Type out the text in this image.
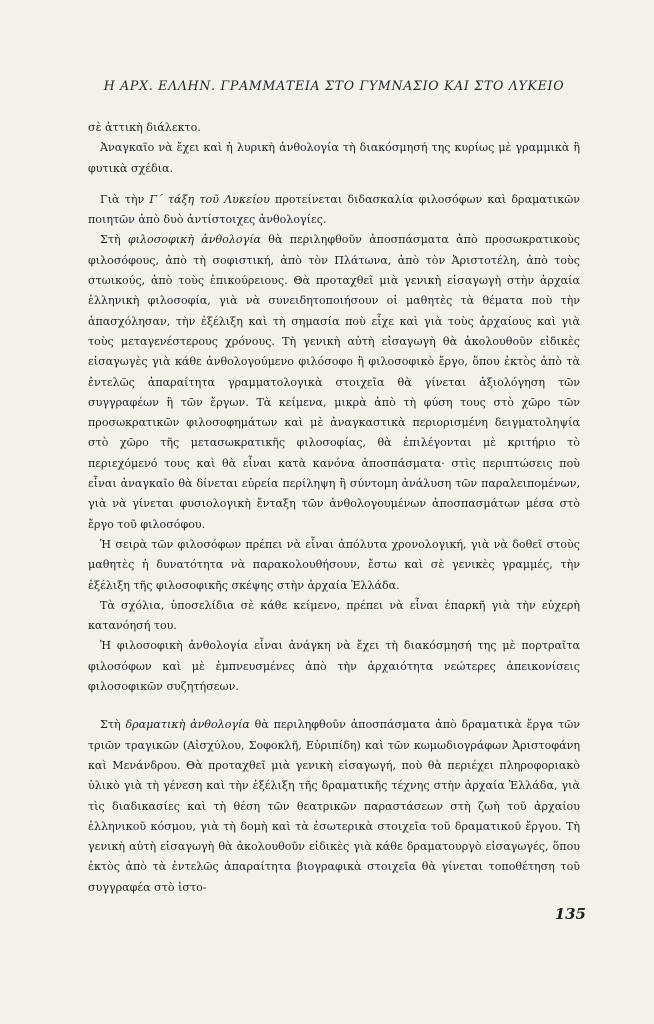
Η ΑΡΧ. ΕΛΛΗΝ. ΓΡΑΜΜΑΤΕΙΑ ΣΤΟ ΓΥΜΝΑΣΙΟ ΚΑΙ ΣΤΟ ΛΥΚΕΙΟ

σὲ ἀττικὴ διάλεκτο.

Ἀναγκαῖο νὰ ἔχει καὶ ἡ λυρικὴ ἀνθολογία τὴ διακόσμησή της κυρίως μὲ γραμμικὰ ἢ φυτικὰ σχέδια.

Γιὰ τὴν Γ΄ τάξη τοῦ Λυκείου προτείνεται διδασκαλία φιλοσόφων καὶ δραματικῶν ποιητῶν ἀπὸ δυὸ ἀντίστοιχες ἀνθολογίες.

Στὴ φιλοσοφικὴ ἀνθολογία θὰ περιληφθοῦν ἀποσπάσματα ἀπὸ προσωκρατικοὺς φιλοσόφους, ἀπὸ τὴ σοφιστική, ἀπὸ τὸν Πλάτωνα, ἀπὸ τὸν Ἀριστοτέλη, ἀπὸ τοὺς στωικούς, ἀπὸ τοὺς ἐπικούρειους. Θὰ προταχθεῖ μιὰ γενικὴ εἰσαγωγὴ στὴν ἀρχαία ἑλληνικὴ φιλοσοφία, γιὰ νὰ συνειδητοποιήσουν οἱ μαθητὲς τὰ θέματα ποὺ τὴν ἀπασχόλησαν, τὴν ἐξέλιξη καὶ τὴ σημασία ποὺ εἶχε καὶ γιὰ τοὺς ἀρχαίους καὶ γιὰ τοὺς μεταγενέστερους χρόνους. Τὴ γενικὴ αὐτὴ εἰσαγωγὴ θὰ ἀκολουθοῦν εἰδικὲς εἰσαγωγὲς γιὰ κάθε ἀνθολογούμενο φιλόσοφο ἢ φιλοσοφικὸ ἔργο, ὅπου ἐκτὸς ἀπὸ τὰ ἐντελῶς ἀπαραίτητα γραμματολογικὰ στοιχεῖα θὰ γίνεται ἀξιολόγηση τῶν συγγραφέων ἢ τῶν ἔργων. Τὰ κείμενα, μικρὰ ἀπὸ τὴ φύση τους στὸ χῶρο τῶν προσωκρατικῶν φιλοσοφημάτων καὶ μὲ ἀναγκαστικὰ περιορισμένη δειγματοληψία στὸ χῶρο τῆς μετασωκρατικῆς φιλοσοφίας, θὰ ἐπιλέγονται μὲ κριτήριο τὸ περιεχόμενό τους καὶ θὰ εἶναι κατὰ κανόνα ἀποσπάσματα· στὶς περιπτώσεις ποὺ εἶναι ἀναγκαῖο θὰ δίνεται εὐρεία περίληψη ἢ σύντομη ἀνάλυση τῶν παραλειπομένων, γιὰ νὰ γίνεται φυσιολογικὴ ἔνταξη τῶν ἀνθολογουμένων ἀποσπασμάτων μέσα στὸ ἔργο τοῦ φιλοσόφου.

Ἡ σειρὰ τῶν φιλοσόφων πρέπει νὰ εἶναι ἀπόλυτα χρονολογική, γιὰ νὰ δοθεῖ στοὺς μαθητὲς ἡ δυνατότητα νὰ παρακολουθήσουν, ἔστω καὶ σὲ γενικὲς γραμμές, τὴν ἐξέλιξη τῆς φιλοσοφικῆς σκέψης στὴν ἀρχαία Ἑλλάδα.

Τὰ σχόλια, ὑποσελίδια σὲ κάθε κείμενο, πρέπει νὰ εἶναι ἐπαρκῆ γιὰ τὴν εὐχερὴ κατανόησή του.

Ἡ φιλοσοφικὴ ἀνθολογία εἶναι ἀνάγκη νὰ ἔχει τὴ διακόσμησή της μὲ πορτραῖτα φιλοσόφων καὶ μὲ ἐμπνευσμένες ἀπὸ τὴν ἀρχαιότητα νεώτερες ἀπεικονίσεις φιλοσοφικῶν συζητήσεων.

Στὴ δραματικὴ ἀνθολογία θὰ περιληφθοῦν ἀποσπάσματα ἀπὸ δραματικὰ ἔργα τῶν τριῶν τραγικῶν (Αἰσχύλου, Σοφοκλῆ, Εὐριπίδη) καὶ τῶν κωμωδιογράφων Ἀριστοφάνη καὶ Μενάνδρου. Θὰ προταχθεῖ μιὰ γενικὴ εἰσαγωγή, ποὺ θὰ περιέχει πληροφοριακὸ ὑλικὸ γιὰ τὴ γένεση καὶ τὴν ἐξέλιξη τῆς δραματικῆς τέχνης στὴν ἀρχαία Ἑλλάδα, γιὰ τὶς διαδικασίες καὶ τὴ θέση τῶν θεατρικῶν παραστάσεων στὴ ζωὴ τοῦ ἀρχαίου ἑλληνικοῦ κόσμου, γιὰ τὴ δομὴ καὶ τὰ ἐσωτερικὰ στοιχεῖα τοῦ δραματικοῦ ἔργου. Τὴ γενικὴ αὐτὴ εἰσαγωγὴ θὰ ἀκολουθοῦν εἰδικὲς γιὰ κάθε δραματουργὸ εἰσαγωγές, ὅπου ἐκτὸς ἀπὸ τὰ ἐντελῶς ἀπαραίτητα βιογραφικὰ στοιχεῖα θὰ γίνεται τοποθέτηση τοῦ συγγραφέα στὸ ἱστο-

135
